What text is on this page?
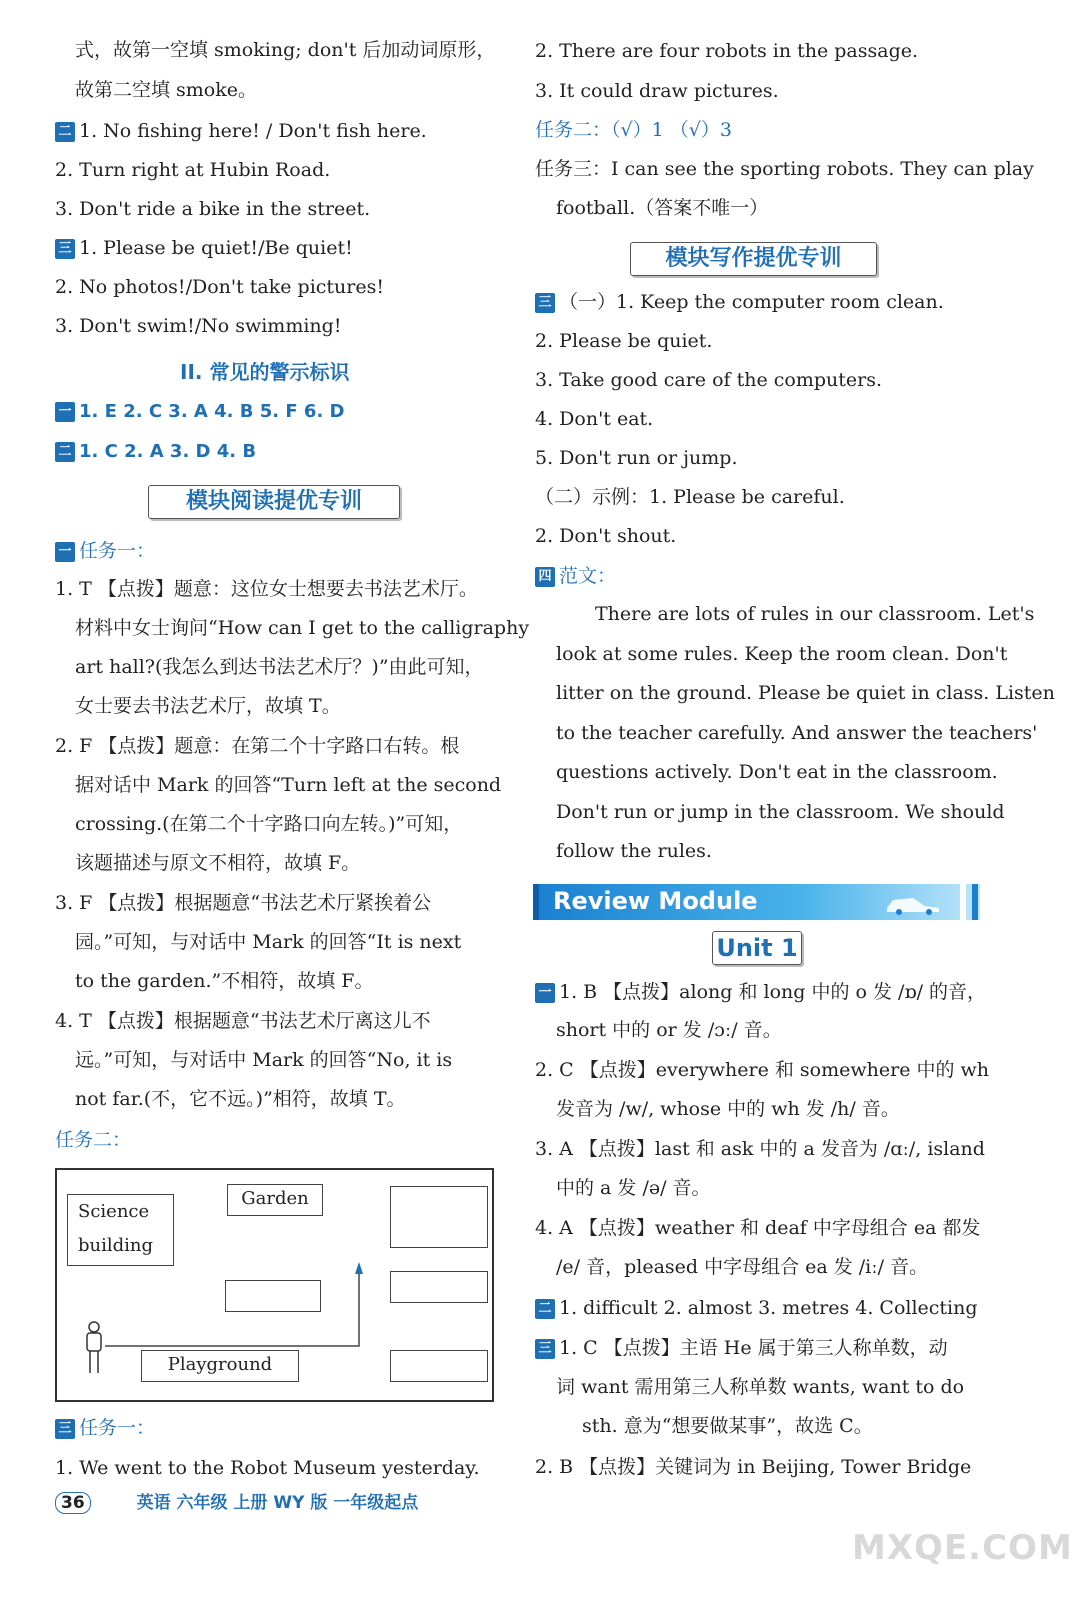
式，故第一空填 smoking; don't 后加动词原形，
故第二空填 smoke。
二 1. No fishing here! / Don't fish here.
2. Turn right at Hubin Road.
3. Don't ride a bike in the street.
三 1. Please be quiet!/Be quiet!
2. No photos!/Don't take pictures!
3. Don't swim!/No swimming!
II. 常见的警示标识
一 1. E 2. C 3. A 4. B 5. F 6. D
二 1. C 2. A 3. D 4. B
模块阅读提优专训
一 任务一：
1. T 【点拨】题意：这位女士想要去书法艺术厅。
材料中女士询问“How can I get to the calligraphy
art hall?(我怎么到达书法艺术厅？)”由此可知，
女士要去书法艺术厅，故填 T。
2. F 【点拨】题意：在第二个十字路口右转。根
据对话中 Mark 的回答“Turn left at the second
crossing.(在第二个十字路口向左转。)”可知，
该题描述与原文不相符，故填 F。
3. F 【点拨】根据题意“书法艺术厅紧挨着公
园。”可知，与对话中 Mark 的回答“It is next
to the garden.”不相符，故填 F。
4. T 【点拨】根据题意“书法艺术厅离这儿不
远。”可知，与对话中 Mark 的回答“No, it is
not far.(不，它不远。)”相符，故填 T。
任务二：
Science
building
Garden
Playground
三 任务一：
1. We went to the Robot Museum yesterday.
36	英语 六年级 上册 WY 版 一年级起点
2. There are four robots in the passage.
3. It could draw pictures.
任务二：（√）1 （√）3
任务三：I can see the sporting robots. They can play
football.（答案不唯一）
模块写作提优专训
三 （一）1. Keep the computer room clean.
2. Please be quiet.
3. Take good care of the computers.
4. Don't eat.
5. Don't run or jump.
（二）示例：1. Please be careful.
2. Don't shout.
四 范文：
There are lots of rules in our classroom. Let's
look at some rules. Keep the room clean. Don't
litter on the ground. Please be quiet in class. Listen
to the teacher carefully. And answer the teachers'
questions actively. Don't eat in the classroom.
Don't run or jump in the classroom. We should
follow the rules.
Review Module
Unit 1
一 1. B 【点拨】along 和 long 中的 o 发 /ɒ/ 的音，
short 中的 or 发 /ɔː/ 音。
2. C 【点拨】everywhere 和 somewhere 中的 wh
发音为 /w/, whose 中的 wh 发 /h/ 音。
3. A 【点拨】last 和 ask 中的 a 发音为 /ɑː/, island
中的 a 发 /ə/ 音。
4. A 【点拨】weather 和 deaf 中字母组合 ea 都发
/e/ 音，pleased 中字母组合 ea 发 /iː/ 音。
二 1. difficult 2. almost 3. metres 4. Collecting
三 1. C 【点拨】主语 He 属于第三人称单数，动
词 want 需用第三人称单数 wants, want to do
sth. 意为“想要做某事”，故选 C。
2. B 【点拨】关键词为 in Beijing, Tower Bridge
MXQE.COM
